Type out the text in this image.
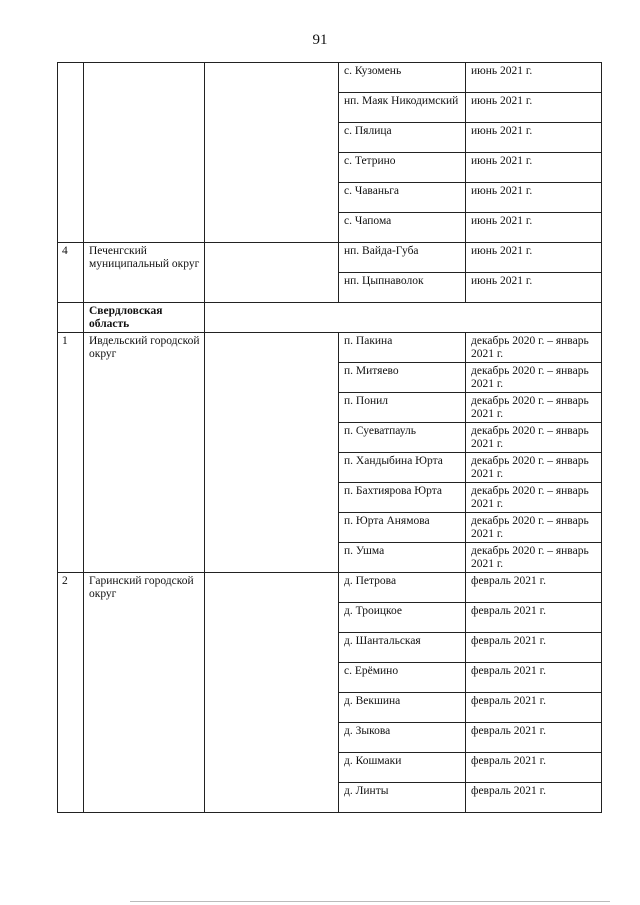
91
			с. Кузомень	июнь 2021 г.
			нп. Маяк Никодимский	июнь 2021 г.
			с. Пялица	июнь 2021 г.
			с. Тетрино	июнь 2021 г.
			с. Чаваньга	июнь 2021 г.
			с. Чапома	июнь 2021 г.
4	Печенгский муниципальный округ		нп. Вайда-Губа	июнь 2021 г.
			нп. Цыпнаволок	июнь 2021 г.
	Свердловская область			
1	Ивдельский городской округ		п. Пакина	декабрь 2020 г. – январь 2021 г.
			п. Митяево	декабрь 2020 г. – январь 2021 г.
			п. Понил	декабрь 2020 г. – январь 2021 г.
			п. Суеватпауль	декабрь 2020 г. – январь 2021 г.
			п. Хандыбина Юрта	декабрь 2020 г. – январь 2021 г.
			п. Бахтиярова Юрта	декабрь 2020 г. – январь 2021 г.
			п. Юрта Анямова	декабрь 2020 г. – январь 2021 г.
			п. Ушма	декабрь 2020 г. – январь 2021 г.
2	Гаринский городской округ		д. Петрова	февраль 2021 г.
			д. Троицкое	февраль 2021 г.
			д. Шантальская	февраль 2021 г.
			с. Ерёмино	февраль 2021 г.
			д. Векшина	февраль 2021 г.
			д. Зыкова	февраль 2021 г.
			д. Кошмаки	февраль 2021 г.
			д. Линты	февраль 2021 г.
